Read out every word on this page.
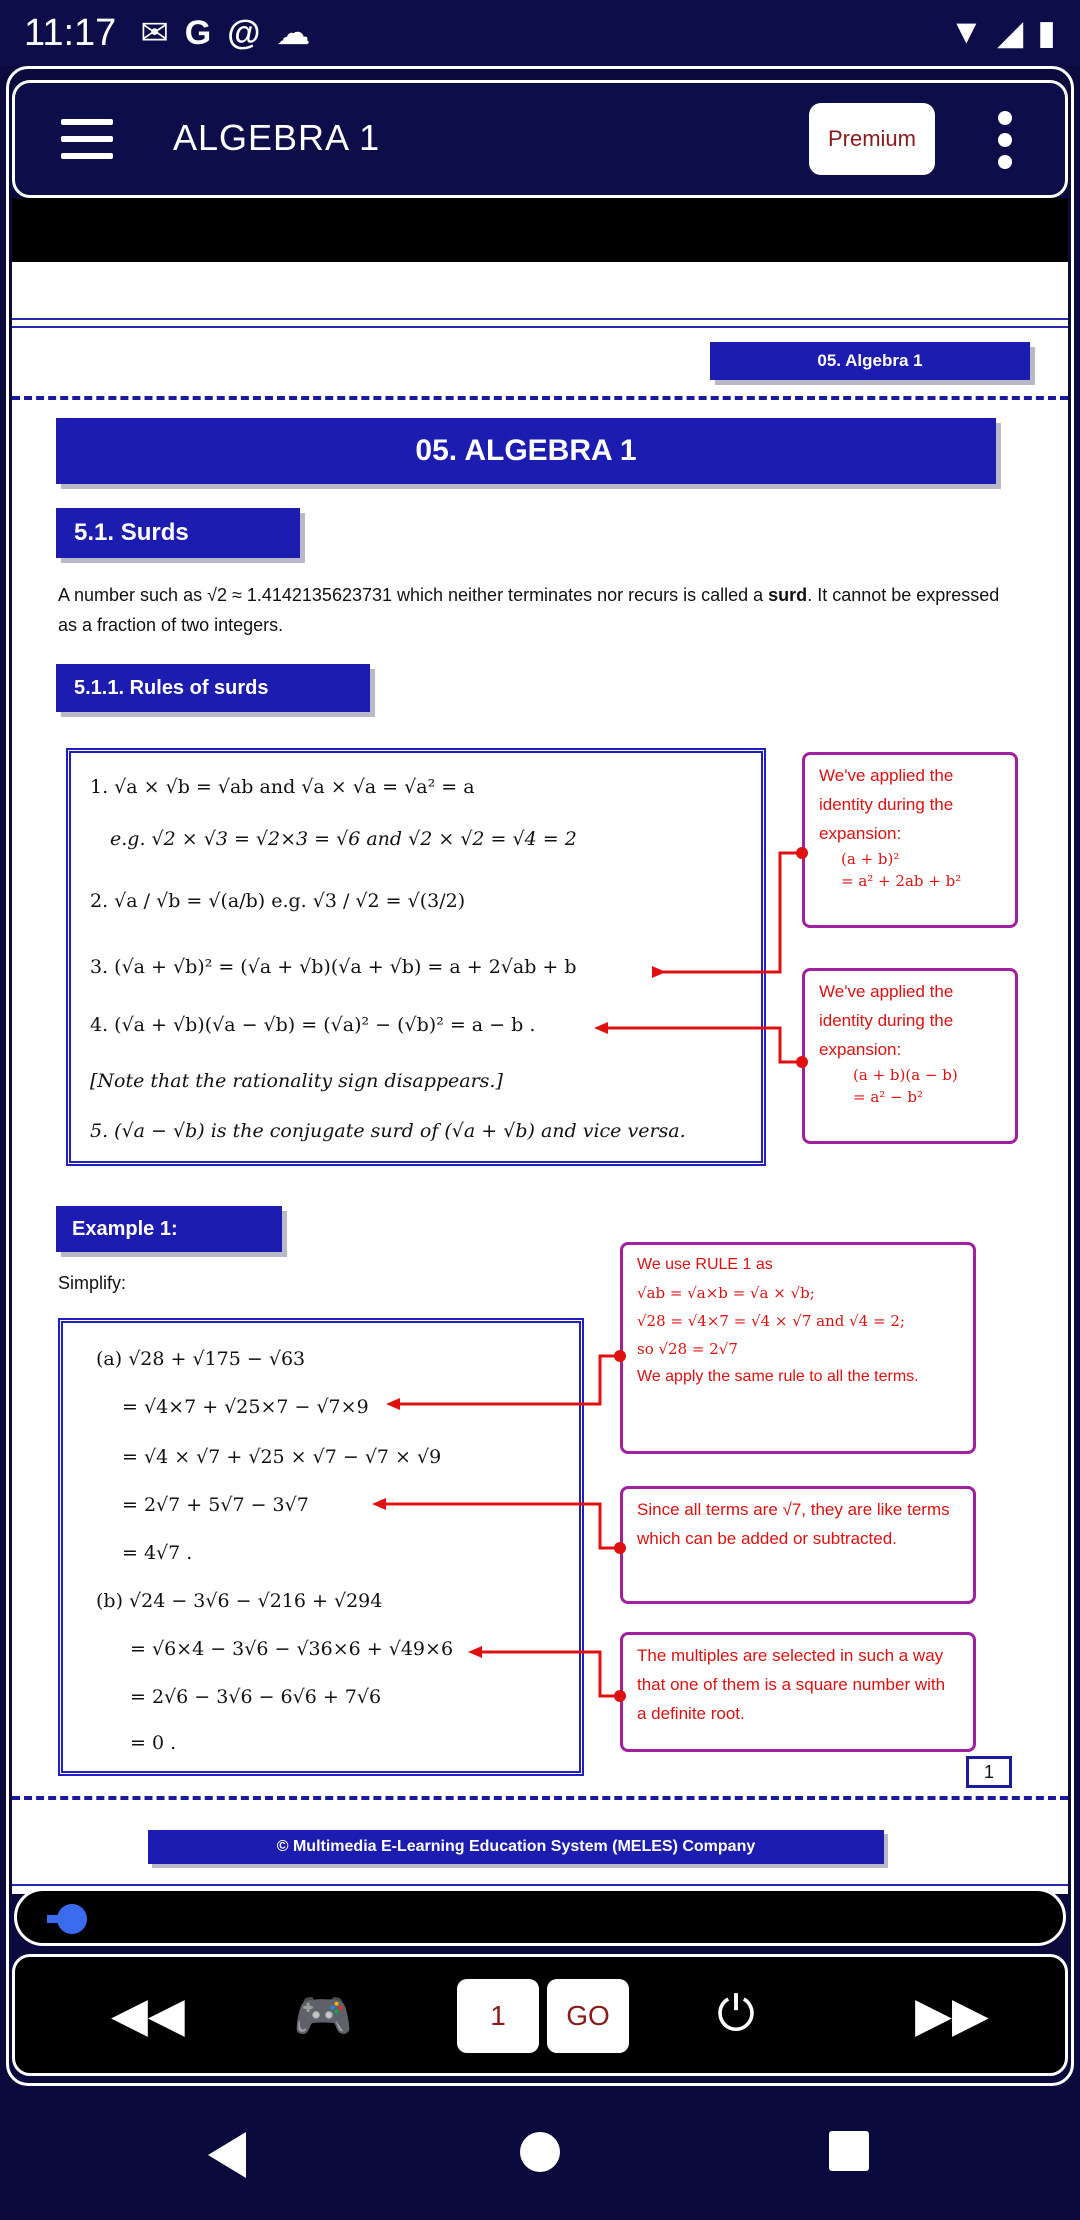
11:17 ✉ G @ ☁	▼ ◢ ▮
ALGEBRA 1	Premium
05. Algebra 1
05. ALGEBRA 1
5.1. Surds
A number such as √2 ≈ 1.4142135623731 which neither terminates nor recurs is called a surd. It cannot be expressed as a fraction of two integers.
5.1.1. Rules of surds
1. √a × √b = √ab and √a × √a = √a² = a
e.g. √2 × √3 = √2×3 = √6 and √2 × √2 = √4 = 2
2. √a / √b = √(a/b) e.g. √3 / √2 = √(3/2)
3. (√a + √b)² = (√a + √b)(√a + √b) = a + 2√ab + b
4. (√a + √b)(√a − √b) = (√a)² − (√b)² = a − b .
[Note that the rationality sign disappears.]
5. (√a − √b) is the conjugate surd of (√a + √b) and vice versa.
We've applied the identity during the expansion:
(a + b)²
= a² + 2ab + b²
We've applied the identity during the expansion:
(a + b)(a − b)
= a² − b²
Example 1:
Simplify:
(a) √28 + √175 − √63
= √4×7 + √25×7 − √7×9
= √4 × √7 + √25 × √7 − √7 × √9
= 2√7 + 5√7 − 3√7
= 4√7 .
(b) √24 − 3√6 − √216 + √294
= √6×4 − 3√6 − √36×6 + √49×6
= 2√6 − 3√6 − 6√6 + 7√6
= 0 .
We use RULE 1 as
√ab = √a×b = √a × √b;
√28 = √4×7 = √4 × √7 and √4 = 2;
so √28 = 2√7
We apply the same rule to all the terms.
Since all terms are √7, they are like terms which can be added or subtracted.
The multiples are selected in such a way that one of them is a square number with a definite root.
1
© Multimedia E-Learning Education System (MELES) Company
◀◀ 🎮	1	GO	⏻	▶▶
